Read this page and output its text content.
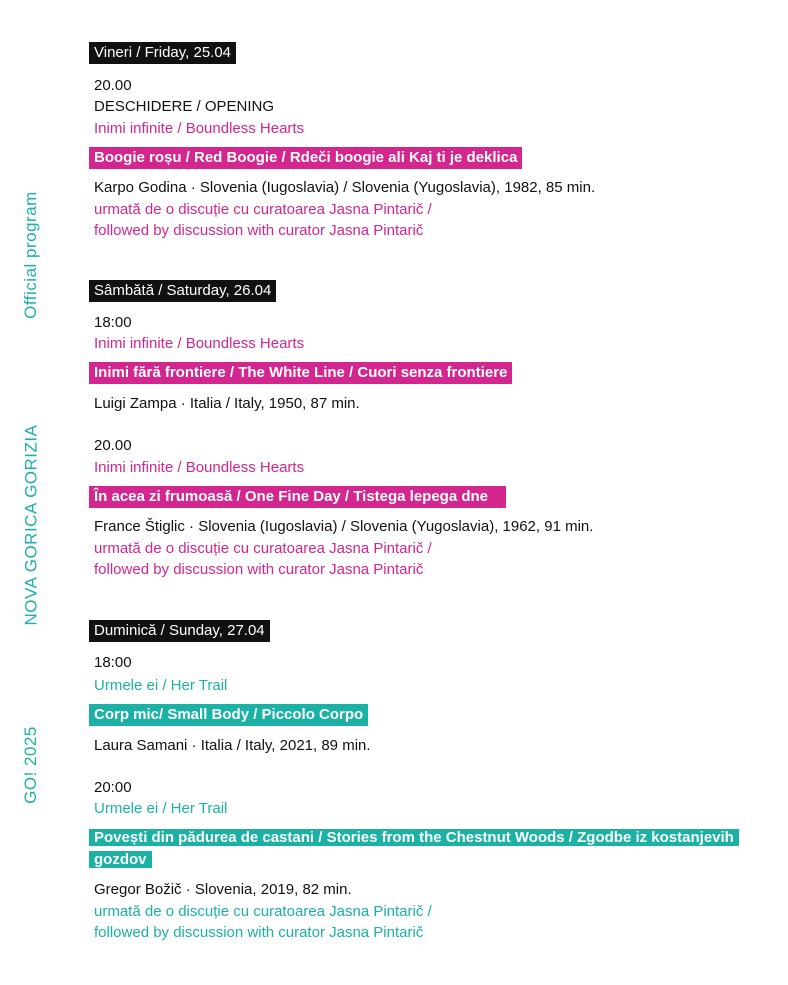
Official program
NOVA GORICA GORIZIA
GO! 2025
Vineri / Friday, 25.04
20.00
DESCHIDERE / OPENING
Inimi infinite / Boundless Hearts
Boogie roșu / Red Boogie / Rdeči boogie ali Kaj ti je deklica
Karpo Godina · Slovenia (Iugoslavia) / Slovenia (Yugoslavia), 1982, 85 min.
urmată de o discuție cu curatoarea Jasna Pintarič /
followed by discussion with curator Jasna Pintarič
Sâmbătă / Saturday, 26.04
18:00
Inimi infinite / Boundless Hearts
Inimi fără frontiere / The White Line / Cuori senza frontiere
Luigi Zampa · Italia / Italy, 1950, 87 min.
20.00
Inimi infinite / Boundless Hearts
În acea zi frumoasă / One Fine Day / Tistega lepega dne
France Štiglic · Slovenia (Iugoslavia) / Slovenia (Yugoslavia), 1962, 91 min.
urmată de o discuție cu curatoarea Jasna Pintarič /
followed by discussion with curator Jasna Pintarič
Duminică / Sunday, 27.04
18:00
Urmele ei / Her Trail
Corp mic/ Small Body / Piccolo Corpo
Laura Samani · Italia / Italy, 2021, 89 min.
20:00
Urmele ei / Her Trail
Povești din pădurea de castani / Stories from the Chestnut Woods / Zgodbe iz kostanjevih gozdov
Gregor Božič · Slovenia, 2019, 82 min.
urmată de o discuție cu curatoarea Jasna Pintarič /
followed by discussion with curator Jasna Pintarič
